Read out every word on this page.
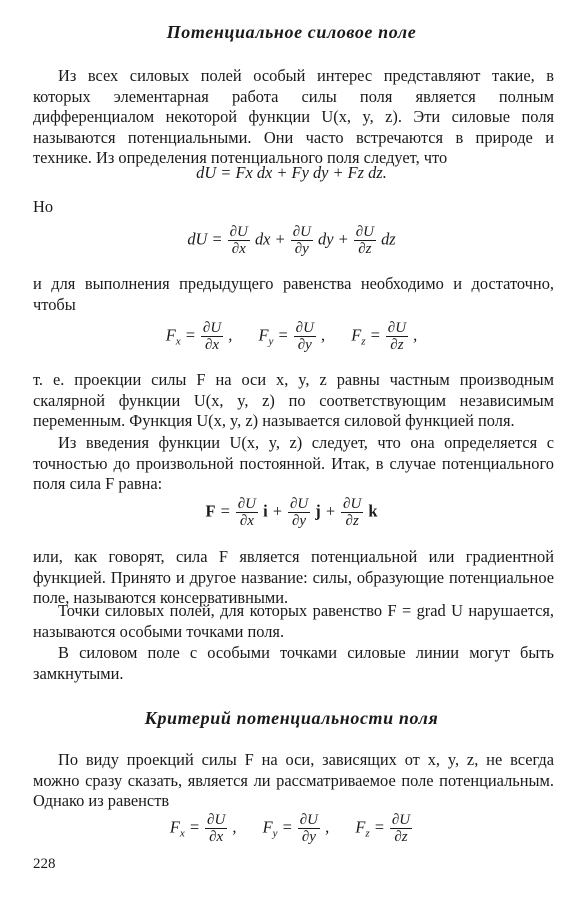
Потенциальное силовое поле

Из всех силовых полей особый интерес представляют такие, в которых элементарная работа силы поля является полным дифференциалом некоторой функции U(x, y, z). Эти силовые поля называются потенциальными. Они часто встречаются в природе и технике. Из определения потенциального поля следует, что

dU = Fx dx + Fy dy + Fz dz.

Но

dU = $\frac{\partial U}{\partial x}$ dx + $\frac{\partial U}{\partial y}$ dy + $\frac{\partial U}{\partial z}$ dz

и для выполнения предыдущего равенства необходимо и достаточно, чтобы

$F_x = \frac{\partial U}{\partial x}$ , $F_y = \frac{\partial U}{\partial y}$ , $F_z = \frac{\partial U}{\partial z}$ ,

т. е. проекции силы F на оси x, y, z равны частным производным скалярной функции U(x, y, z) по соответствующим независимым переменным. Функция U(x, y, z) называется силовой функцией поля.

Из введения функции U(x, y, z) следует, что она определяется с точностью до произвольной постоянной. Итак, в случае потенциального поля сила F равна:

$F = \frac{\partial U}{\partial x}$ $i + \frac{\partial U}{\partial y}$ $j + \frac{\partial U}{\partial z}$ k

или, как говорят, сила F является потенциальной или градиентной функцией. Принято и другое название: силы, образующие потенциальное поле, называются консервативными.

Точки силовых полей, для которых равенство F = grad U нарушается, называются особыми точками поля.

В силовом поле с особыми точками силовые линии могут быть замкнутыми.

Критерий потенциальности поля

По виду проекций силы F на оси, зависящих от x, y, z, не всегда можно сразу сказать, является ли рассматриваемое поле потенциальным. Однако из равенств

$F_x = \frac{\partial U}{\partial x}$ , $F_y = \frac{\partial U}{\partial y}$ , $F_z = \frac{\partial U}{\partial z}$
228
